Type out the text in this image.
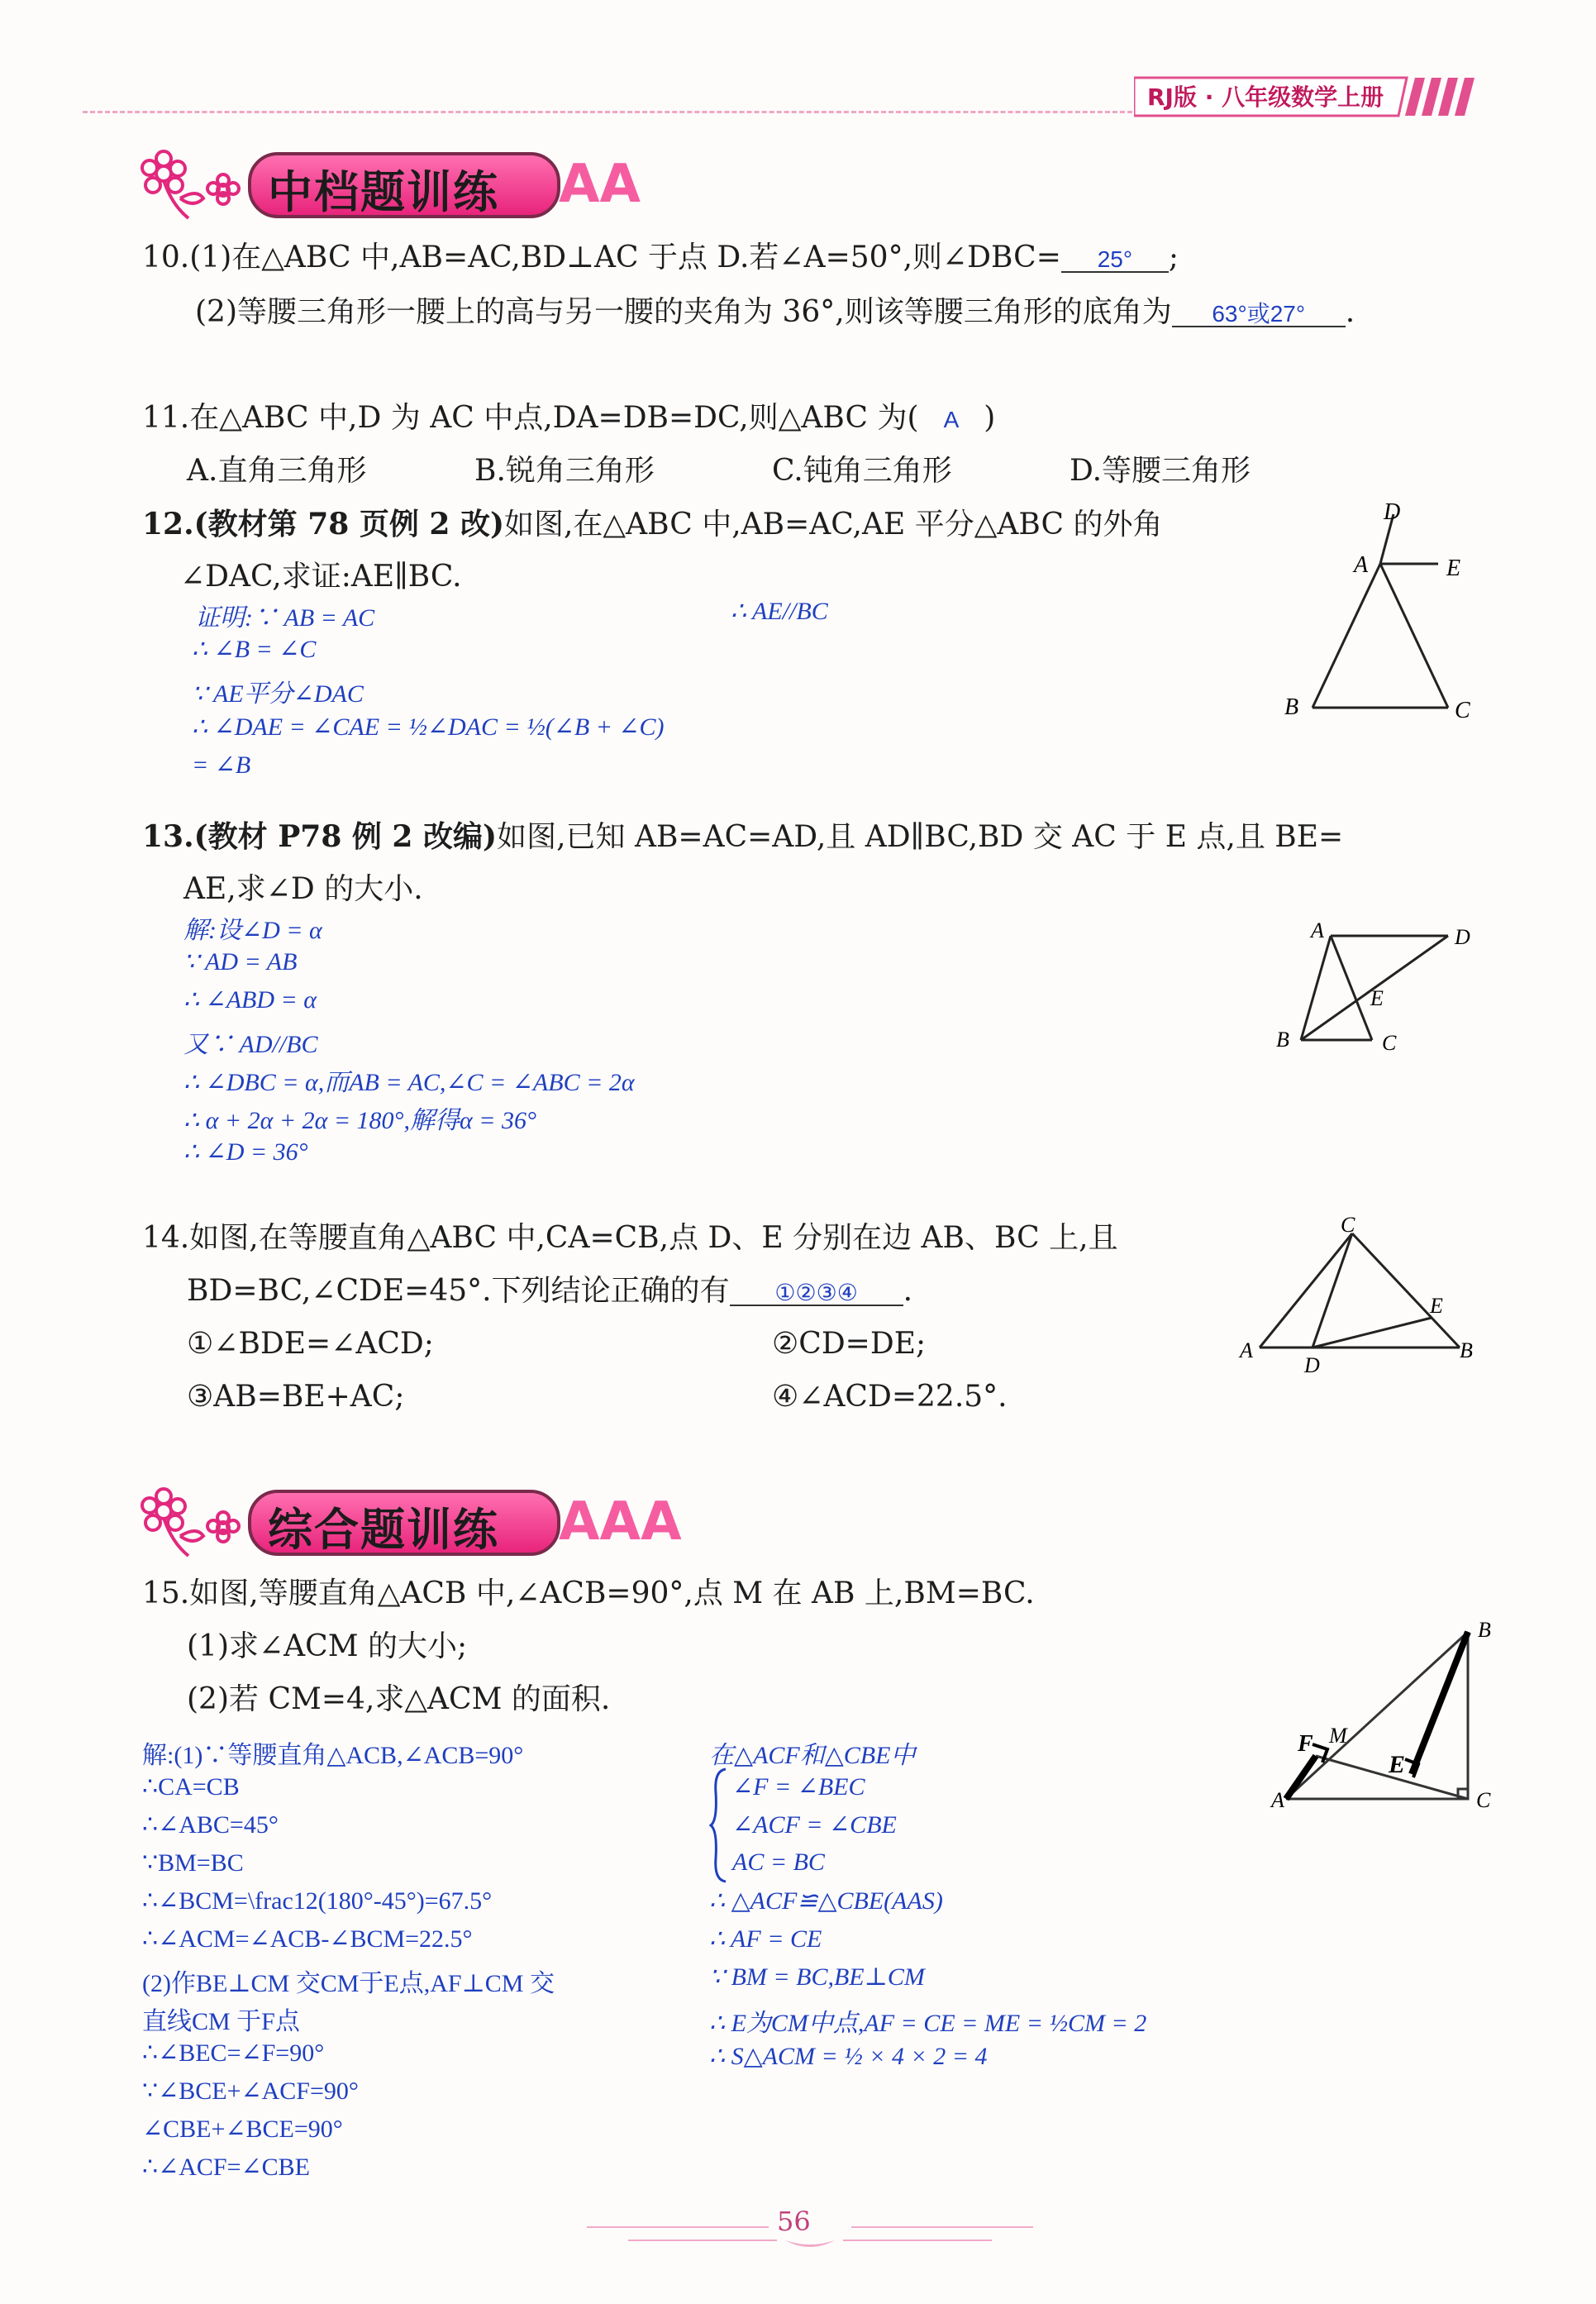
RJ版 · 八年级数学上册
中档题训练 AA
10.(1)在△ABC 中,AB=AC,BD⊥AC 于点 D.若∠A=50°,则∠DBC= 25° ;
(2)等腰三角形一腰上的高与另一腰的夹角为 36°,则该等腰三角形的底角为 63°或27° .
11.在△ABC 中,D 为 AC 中点,DA=DB=DC,则△ABC 为( A )
A.直角三角形	B.锐角三角形	C.钝角三角形	D.等腰三角形
12.(教材第 78 页例 2 改)如图,在△ABC 中,AB=AC,AE 平分△ABC 的外角
∠DAC,求证:AE∥BC.
证明:∵ AB = AC	∴ AE//BC
∴ ∠B = ∠C
∵ AE平分∠DAC
∴ ∠DAE = ∠CAE = ½∠DAC = ½(∠B + ∠C)
= ∠B
D
A	E
B	C
13.(教材 P78 例 2 改编)如图,已知 AB=AC=AD,且 AD∥BC,BD 交 AC 于 E 点,且 BE=
AE,求∠D 的大小.
解:设∠D = α
∵ AD = AB
∴ ∠ABD = α
又∵ AD//BC
∴ ∠DBC = α,而AB = AC,∠C = ∠ABC = 2α
∴ α + 2α + 2α = 180°,解得α = 36°
∴ ∠D = 36°
A	D
E
B	C
14.如图,在等腰直角△ABC 中,CA=CB,点 D、E 分别在边 AB、BC 上,且
BD=BC,∠CDE=45°.下列结论正确的有 ①②③④ .
①∠BDE=∠ACD;	②CD=DE;
③AB=BE+AC;	④∠ACD=22.5°.
C
E
A
D
B
综合题训练 AAA
15.如图,等腰直角△ACB 中,∠ACB=90°,点 M 在 AB 上,BM=BC.
(1)求∠ACM 的大小;
(2)若 CM=4,求△ACM 的面积.
解:(1)∵等腰直角△ACB,∠ACB=90°
∴CA=CB
∴∠ABC=45°
∵BM=BC
∴∠BCM=\frac12(180°-45°)=67.5°
∴∠ACM=∠ACB-∠BCM=22.5°
(2)作BE⊥CM 交CM于E点,AF⊥CM 交
直线CM 于F点
∴∠BEC=∠F=90°
∵∠BCE+∠ACF=90°
∠CBE+∠BCE=90°
∴∠ACF=∠CBE
在△ACF和△CBE中
∠F = ∠BEC
∠ACF = ∠CBE
AC = BC
∴ △ACF≌△CBE(AAS)
∴ AF = CE
∵ BM = BC,BE⊥CM
∴ E为CM中点,AF = CE = ME = ½CM = 2
∴ S△ACM = ½ × 4 × 2 = 4
B
F M
E
A	C
56
